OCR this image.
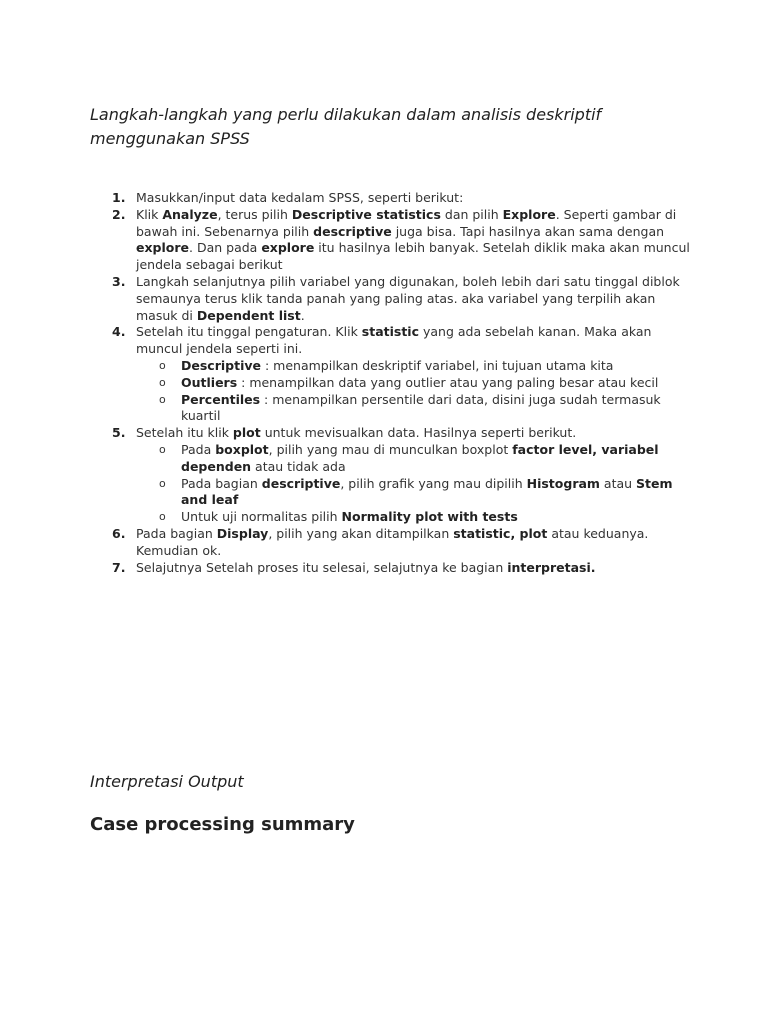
Langkah-langkah yang perlu dilakukan dalam analisis deskriptif menggunakan SPSS
1. Masukkan/input data kedalam SPSS, seperti berikut:
2. Klik Analyze, terus pilih Descriptive statistics dan pilih Explore. Seperti gambar di bawah ini. Sebenarnya pilih descriptive juga bisa. Tapi hasilnya akan sama dengan explore. Dan pada explore itu hasilnya lebih banyak. Setelah diklik maka akan muncul jendela sebagai berikut
3. Langkah selanjutnya pilih variabel yang digunakan, boleh lebih dari satu tinggal diblok semaunya terus klik tanda panah yang paling atas. aka variabel yang terpilih akan masuk di Dependent list.
4. Setelah itu tinggal pengaturan. Klik statistic yang ada sebelah kanan. Maka akan muncul jendela seperti ini.
o Descriptive : menampilkan deskriptif variabel, ini tujuan utama kita
o Outliers : menampilkan data yang outlier atau yang paling besar atau kecil
o Percentiles : menampilkan persentile dari data, disini juga sudah termasuk kuartil
5. Setelah itu klik plot untuk mevisualkan data. Hasilnya seperti berikut.
o Pada boxplot, pilih yang mau di munculkan boxplot factor level, variabel dependen atau tidak ada
o Pada bagian descriptive, pilih grafik yang mau dipilih Histogram atau Stem and leaf
o Untuk uji normalitas pilih Normality plot with tests
6. Pada bagian Display, pilih yang akan ditampilkan statistic, plot atau keduanya. Kemudian ok.
7. Selajutnya Setelah proses itu selesai, selajutnya ke bagian interpretasi.
Interpretasi Output
Case processing summary
